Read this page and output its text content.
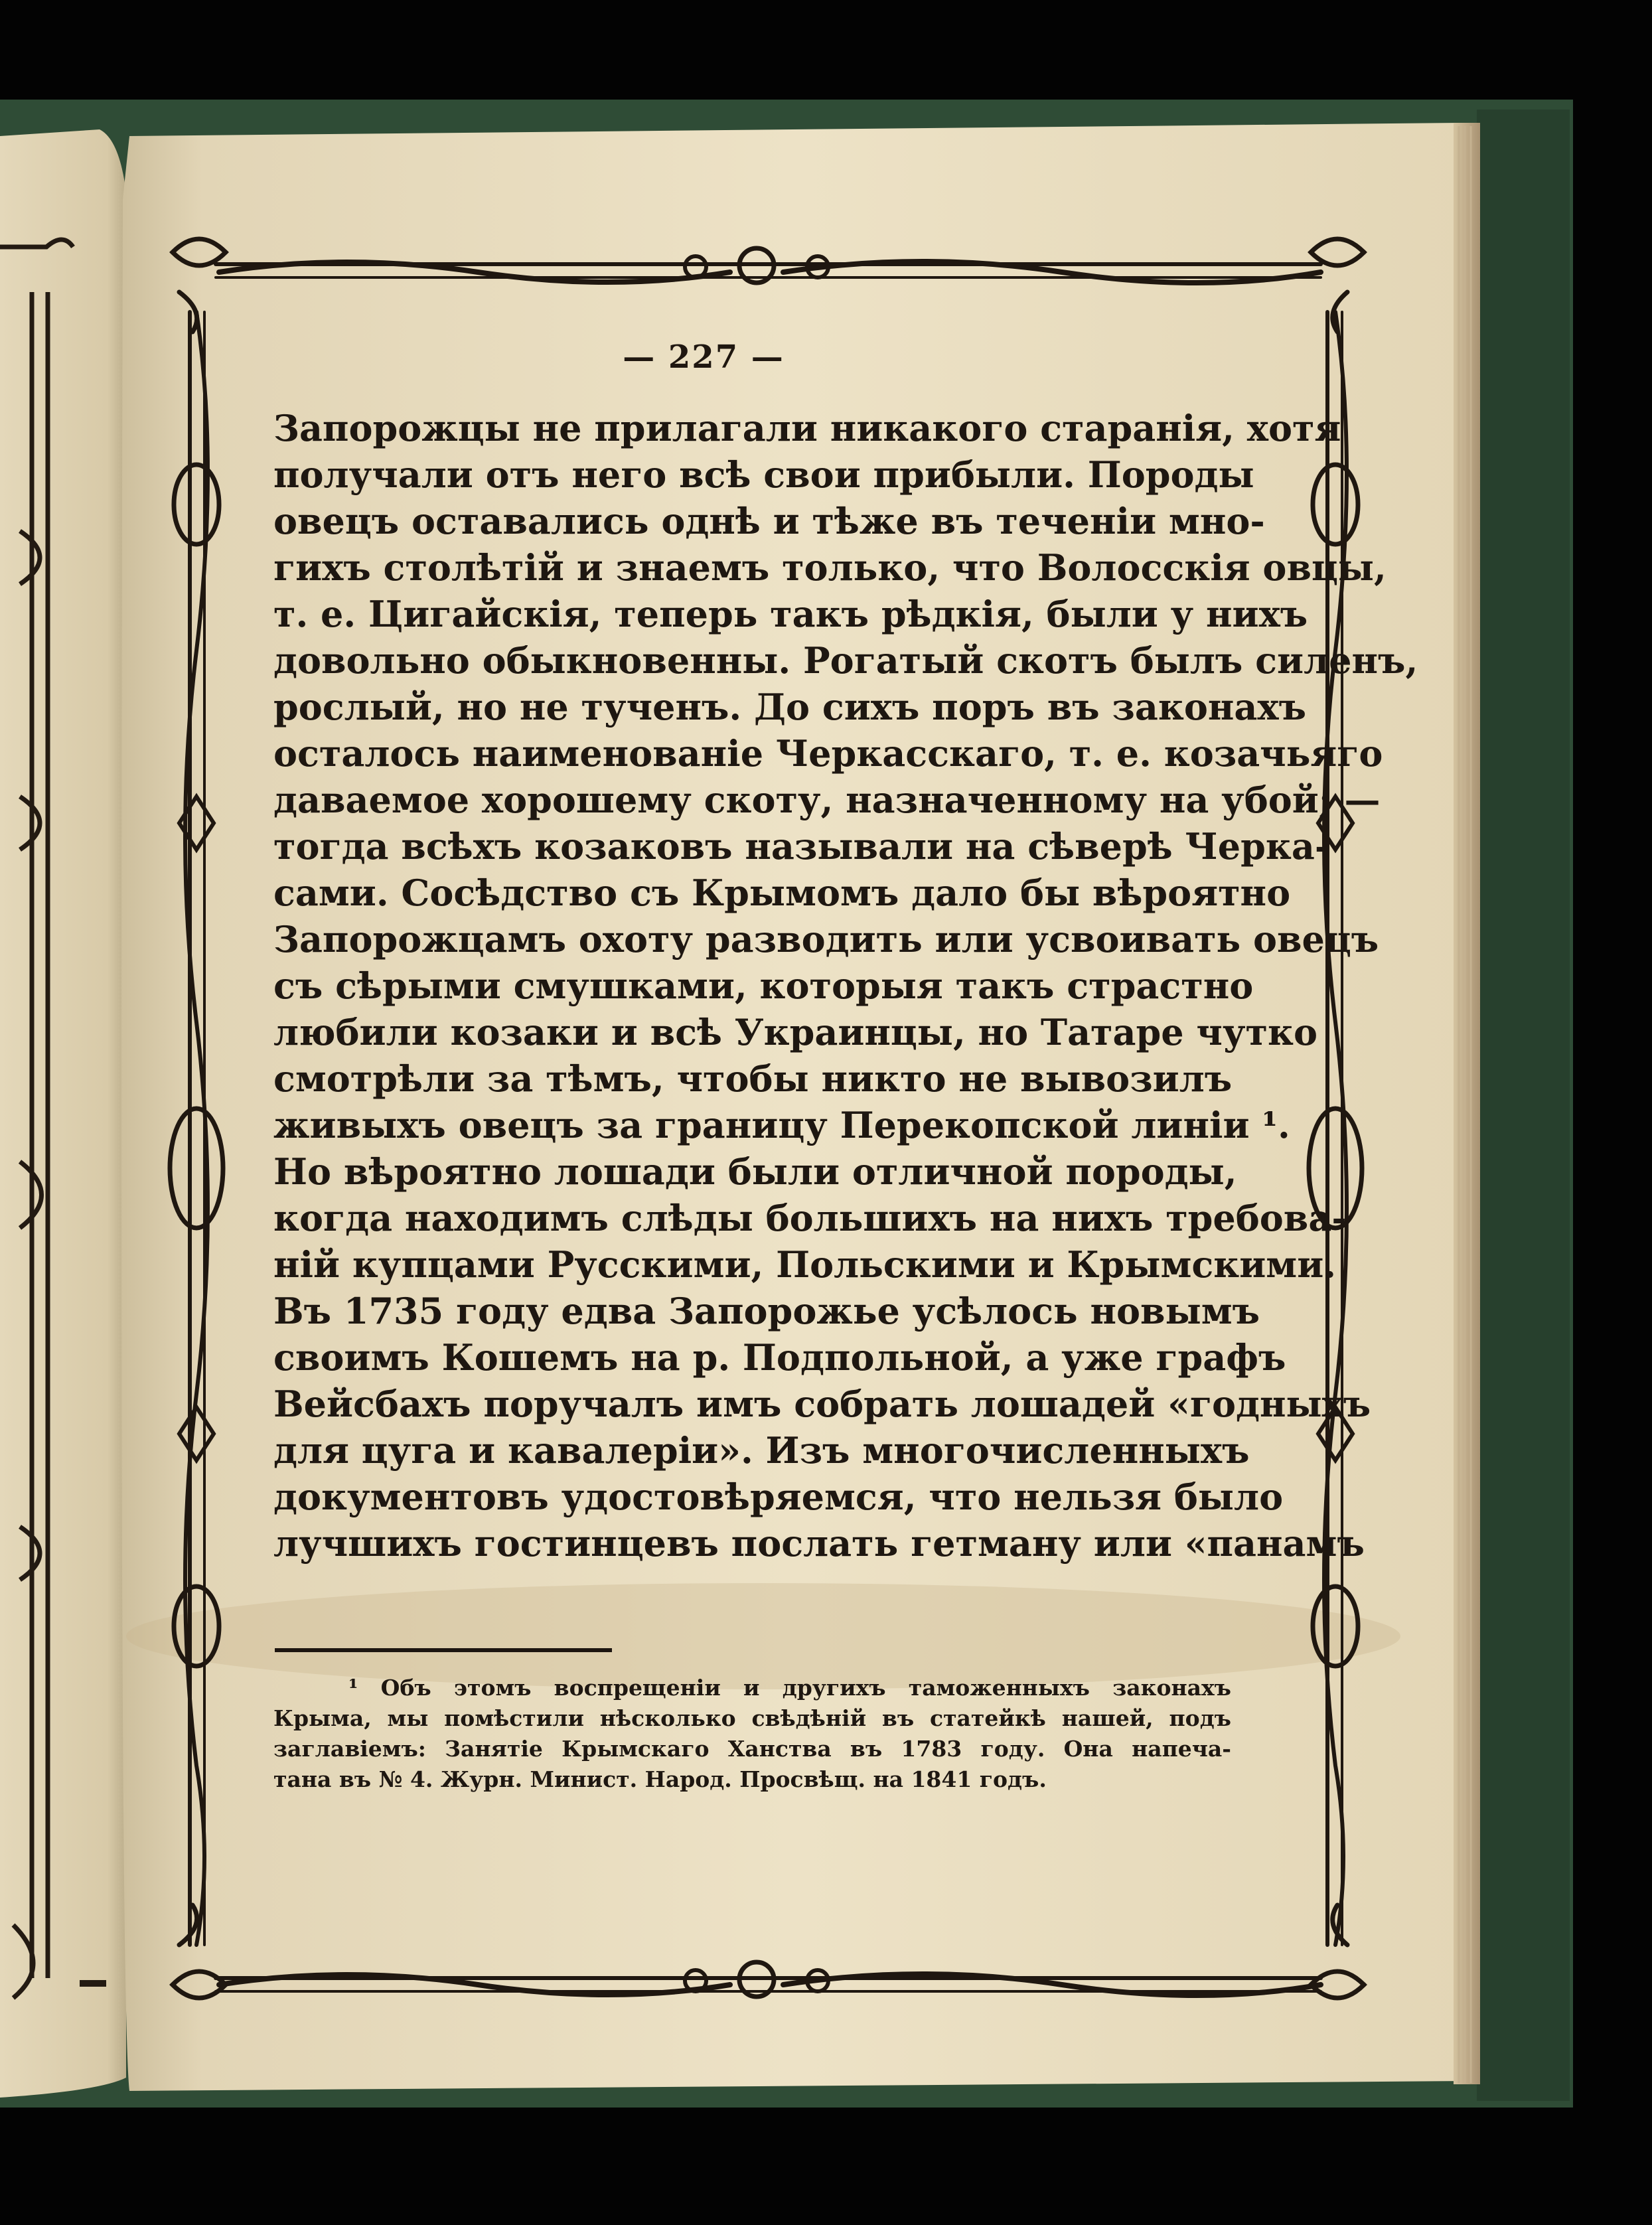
— 227 —
Запорожцы не прилагали никакого старанія, хотя
получали отъ него всѣ свои прибыли. Породы
овецъ оставались однѣ и тѣже въ теченіи мно-
гихъ столѣтій и знаемъ только, что Волосскія овцы,
т. е. Цигайскія, теперь такъ рѣдкія, были у нихъ
довольно обыкновенны. Рогатый скотъ былъ силенъ,
рослый, но не тученъ. До сихъ поръ въ законахъ
осталось наименованіе Черкасскаго, т. е. козачьяго
даваемое хорошему скоту, назначенному на убой; —
тогда всѣхъ козаковъ называли на сѣверѣ Черка-
сами. Сосѣдство съ Крымомъ дало бы вѣроятно
Запорожцамъ охоту разводить или усвоивать овецъ
съ сѣрыми смушками, которыя такъ страстно
любили козаки и всѣ Украинцы, но Татаре чутко
смотрѣли за тѣмъ, чтобы никто не вывозилъ
живыхъ овецъ за границу Перекопской линіи ¹.
Но вѣроятно лошади были отличной породы,
когда находимъ слѣды большихъ на нихъ требова-
ній купцами Русскими, Польскими и Крымскими.
Въ 1735 году едва Запорожье усѣлось новымъ
своимъ Кошемъ на р. Подпольной, а уже графъ
Вейсбахъ поручалъ имъ собрать лошадей «годныхъ
для цуга и кавалеріи». Изъ многочисленныхъ
документовъ удостовѣряемся, что нельзя было
лучшихъ гостинцевъ послать гетману или «панамъ
¹ Объ этомъ воспрещеніи и другихъ таможенныхъ законахъ
Крыма, мы помѣстили нѣсколько свѣдѣній въ статейкѣ нашей, подъ
заглавіемъ: Занятіе Крымскаго Ханства въ 1783 году. Она напеча-
тана въ № 4. Журн. Минист. Народ. Просвѣщ. на 1841 годъ.
